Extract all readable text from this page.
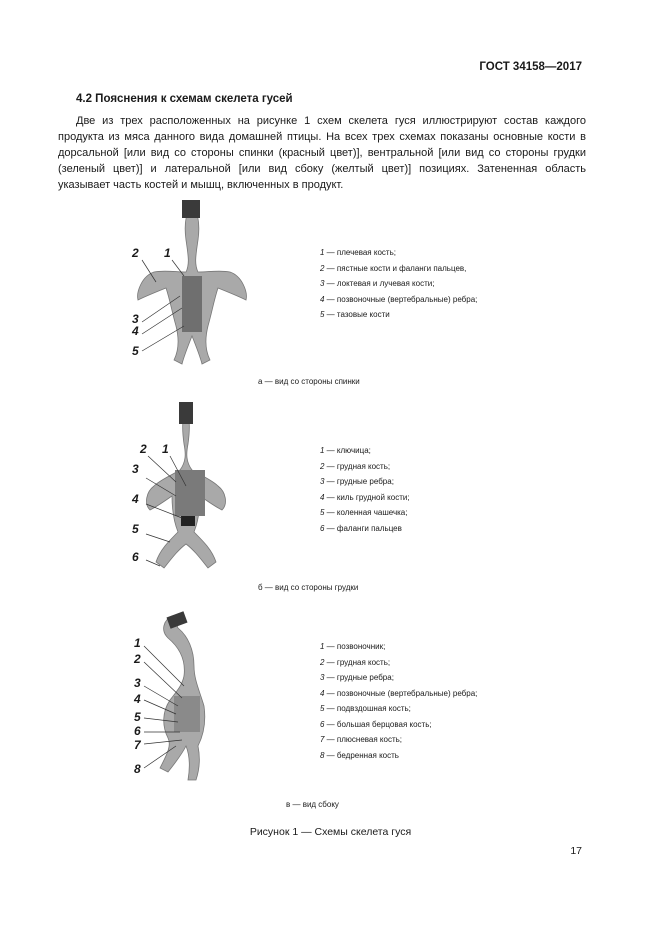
ГОСТ 34158—2017
4.2 Пояснения к схемам скелета гусей

Две из трех расположенных на рисунке 1 схем скелета гуся иллюстрируют состав каждого продукта из мяса данного вида домашней птицы. На всех трех схемах показаны основные кости в дорсальной [или вид со стороны спинки (красный цвет)], вентральной [или вид со стороны грудки (зеленый цвет)] и латеральной [или вид сбоку (желтый цвет)] позициях. Затененная область указывает часть костей и мышц, включенных в продукт.

2 1
3
4
5
1 — плечевая кость;
2 — пястные кости и фаланги пальцев,
3 — локтевая и лучевая кости;
4 — позвоночные (вертебральные) ребра;
5 — тазовые кости
а — вид со стороны спинки
2 1
3
4
5
6
1 — ключица;
2 — грудная кость;
3 — грудные ребра;
4 — киль грудной кости;
5 — коленная чашечка;
6 — фаланги пальцев
б — вид со стороны грудки
1
2
3
4
5
6
7
8
1 — позвоночник;
2 — грудная кость;
3 — грудные ребра;
4 — позвоночные (вертебральные) ребра;
5 — подвздошная кость;
6 — большая берцовая кость;
7 — плюсневая кость;
8 — бедренная кость
в — вид сбоку
Рисунок 1 — Схемы скелета гуся
17
